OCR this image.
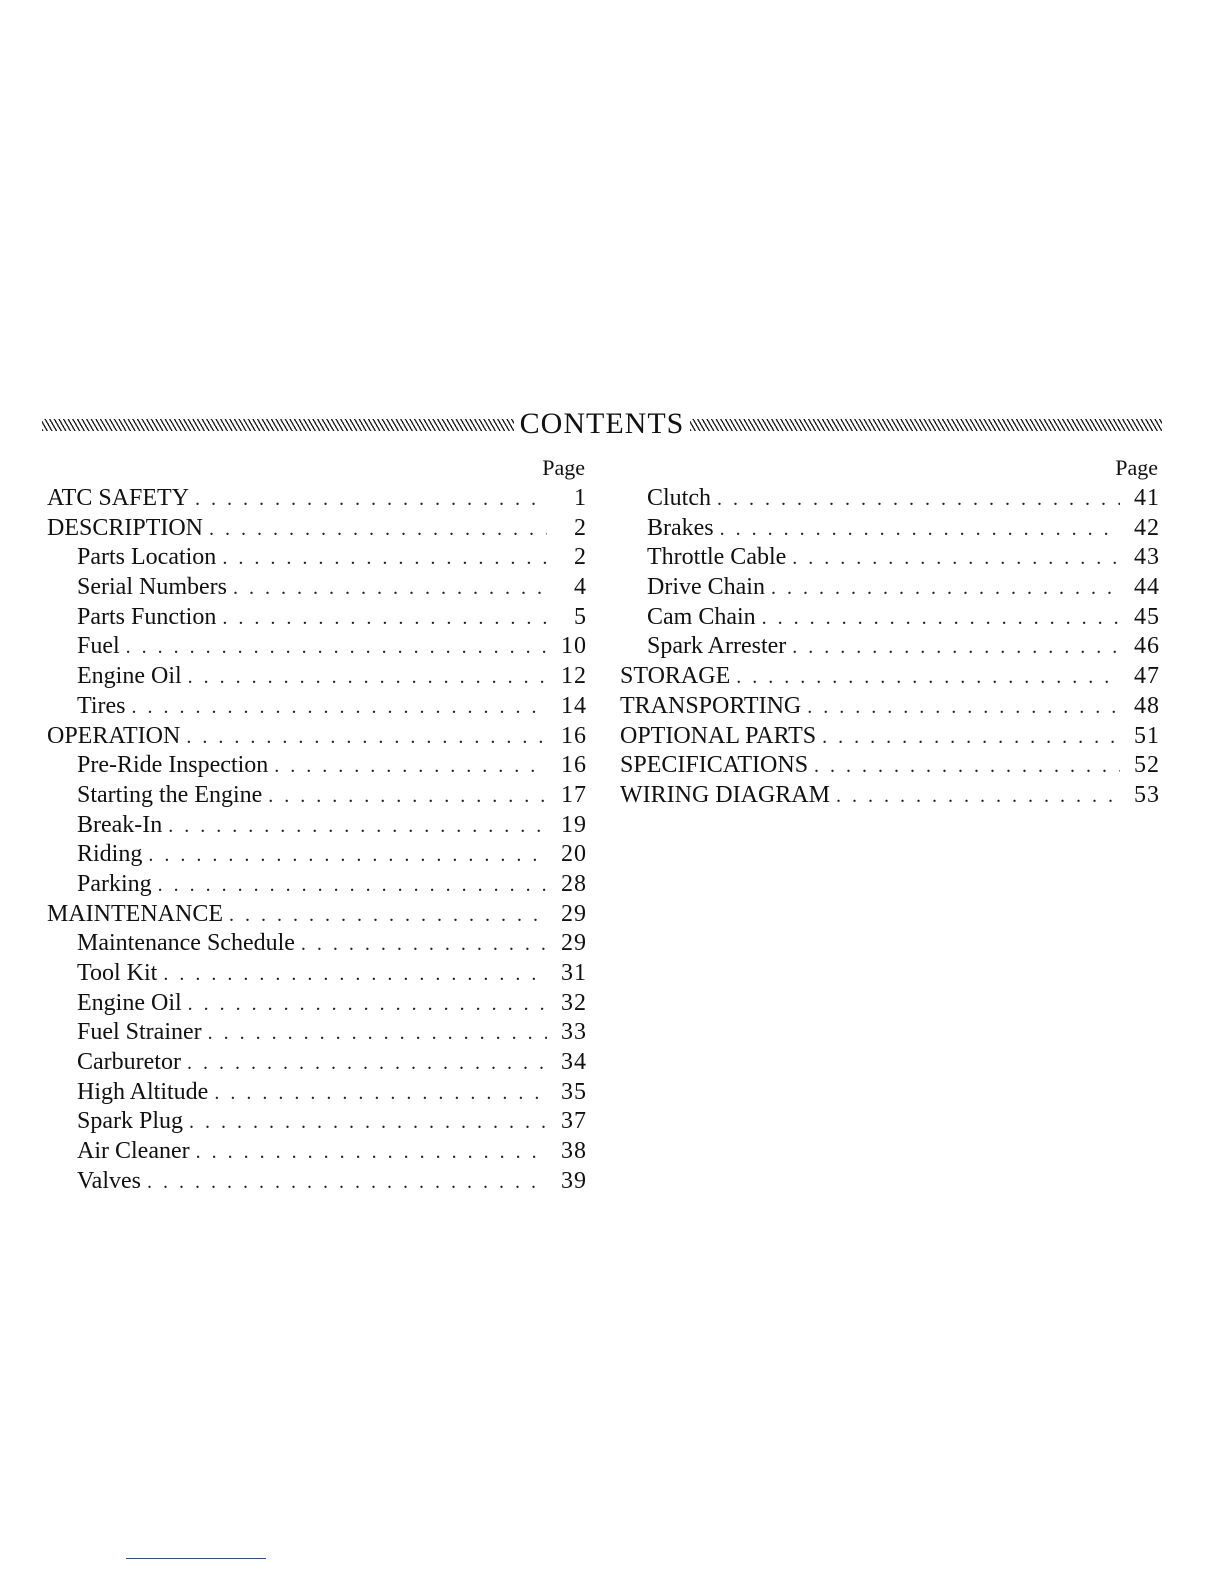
CONTENTS
Page
ATC SAFETY . . .	1
DESCRIPTION . . .	2
Parts Location . . .	2
Serial Numbers . . .	4
Parts Function . . .	5
Fuel . . .	10
Engine Oil . . .	12
Tires . . .	14
OPERATION . . .	16
Pre-Ride Inspection . . .	16
Starting the Engine . . .	17
Break-In . . .	19
Riding . . .	20
Parking . . .	28
MAINTENANCE . . .	29
Maintenance Schedule . . .	29
Tool Kit . . .	31
Engine Oil . . .	32
Fuel Strainer . . .	33
Carburetor . . .	34
High Altitude . . .	35
Spark Plug . . .	37
Air Cleaner . . .	38
Valves . . .	39
Page
Clutch . . .	41
Brakes . . .	42
Throttle Cable . . .	43
Drive Chain . . .	44
Cam Chain . . .	45
Spark Arrester . . .	46
STORAGE . . .	47
TRANSPORTING . . .	48
OPTIONAL PARTS . . .	51
SPECIFICATIONS . . .	52
WIRING DIAGRAM . . .	53
